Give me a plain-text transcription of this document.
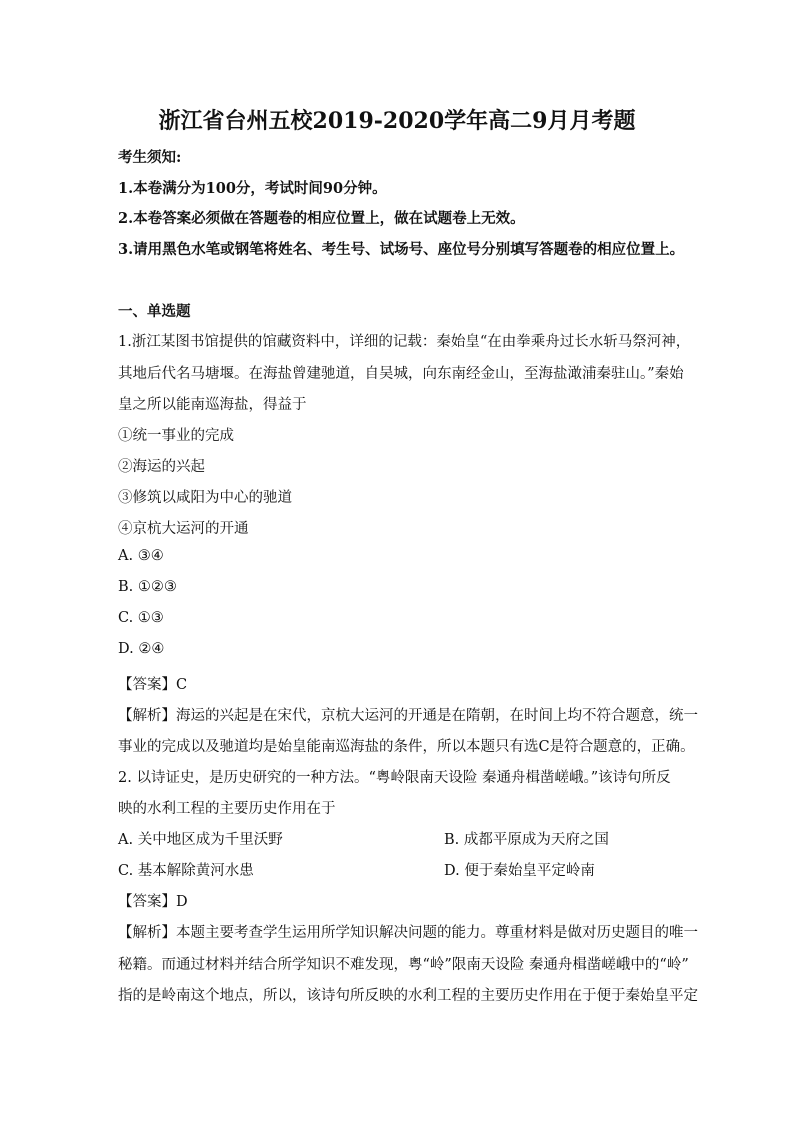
浙江省台州五校2019-2020学年高二9月月考题
考生须知:
1.本卷满分为100分，考试时间90分钟。
2.本卷答案必须做在答题卷的相应位置上，做在试题卷上无效。
3.请用黑色水笔或钢笔将姓名、考生号、试场号、座位号分别填写答题卷的相应位置上。
一、单选题
1.浙江某图书馆提供的馆藏资料中，详细的记载：秦始皇“在由拳乘舟过长水斩马祭河神，
其地后代名马塘堰。在海盐曾建驰道，自吴城，向东南经金山，至海盐澉浦秦驻山。”秦始
皇之所以能南巡海盐，得益于
①统一事业的完成
②海运的兴起
③修筑以咸阳为中心的驰道
④京杭大运河的开通
A. ③④
B. ①②③
C. ①③
D. ②④
【答案】C
【解析】海运的兴起是在宋代，京杭大运河的开通是在隋朝，在时间上均不符合题意，统一
事业的完成以及驰道均是始皇能南巡海盐的条件，所以本题只有选C是符合题意的，正确。
2. 以诗证史，是历史研究的一种方法。“粤岭限南天设险 秦通舟楫凿嵯峨。”该诗句所反
映的水利工程的主要历史作用在于
A. 关中地区成为千里沃野	B. 成都平原成为天府之国
C. 基本解除黄河水患	D. 便于秦始皇平定岭南
【答案】D
【解析】本题主要考查学生运用所学知识解决问题的能力。尊重材料是做对历史题目的唯一
秘籍。而通过材料并结合所学知识不难发现，粤“岭”限南天设险 秦通舟楫凿嵯峨中的“岭”
指的是岭南这个地点，所以，该诗句所反映的水利工程的主要历史作用在于便于秦始皇平定
